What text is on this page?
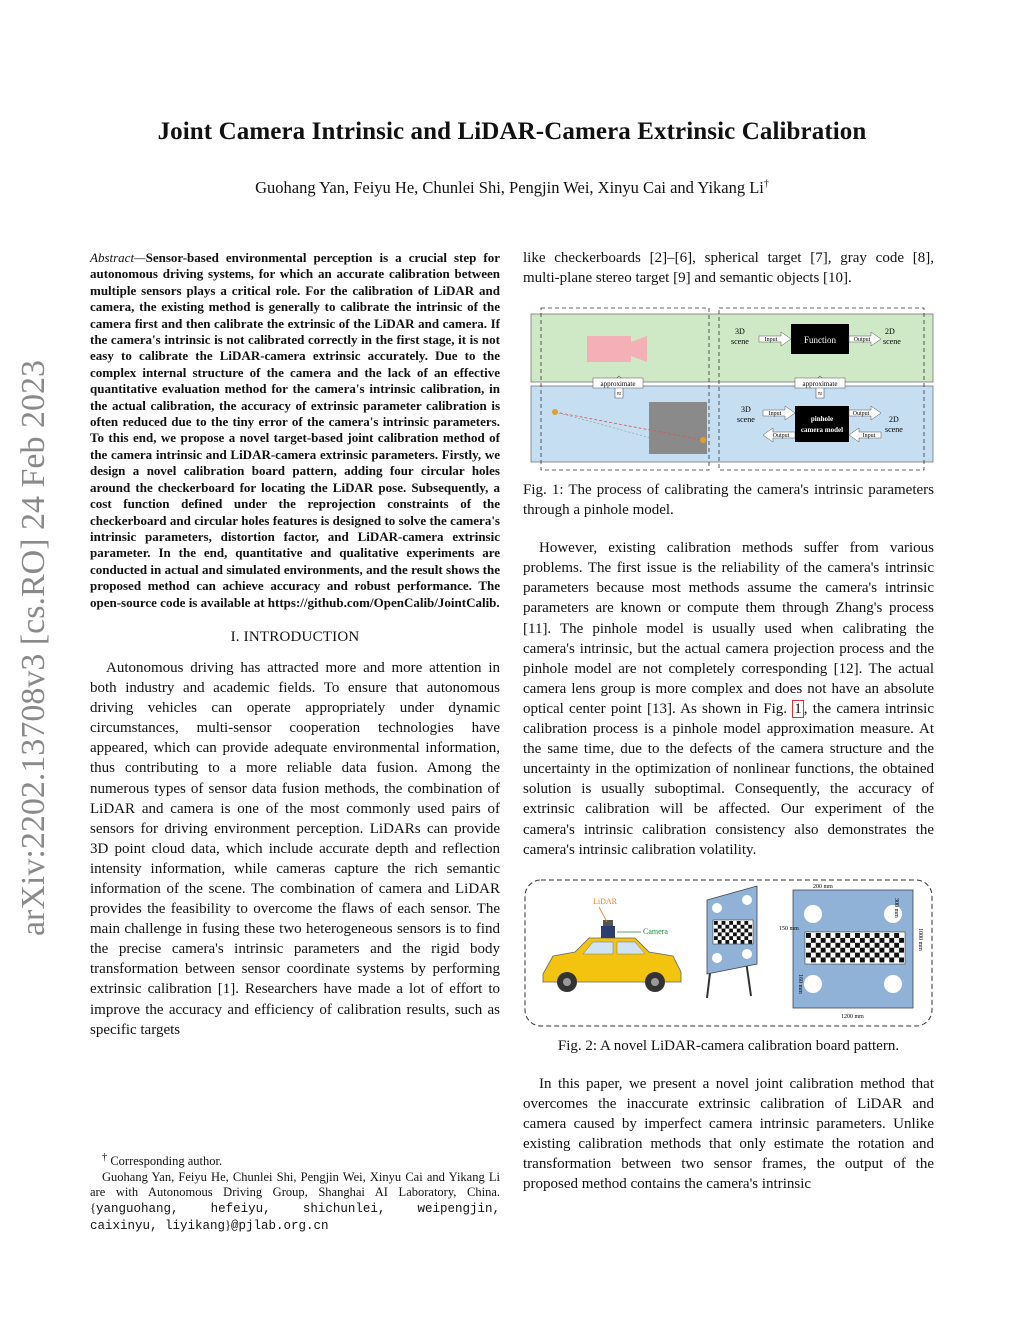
Joint Camera Intrinsic and LiDAR-Camera Extrinsic Calibration
Guohang Yan, Feiyu He, Chunlei Shi, Pengjin Wei, Xinyu Cai and Yikang Li†
arXiv:2202.13708v3 [cs.RO] 24 Feb 2023

Abstract—Sensor-based environmental perception is a crucial step for autonomous driving systems, for which an accurate calibration between multiple sensors plays a critical role. For the calibration of LiDAR and camera, the existing method is generally to calibrate the intrinsic of the camera first and then calibrate the extrinsic of the LiDAR and camera. If the camera's intrinsic is not calibrated correctly in the first stage, it is not easy to calibrate the LiDAR-camera extrinsic accurately. Due to the complex internal structure of the camera and the lack of an effective quantitative evaluation method for the camera's intrinsic calibration, in the actual calibration, the accuracy of extrinsic parameter calibration is often reduced due to the tiny error of the camera's intrinsic parameters. To this end, we propose a novel target-based joint calibration method of the camera intrinsic and LiDAR-camera extrinsic parameters. Firstly, we design a novel calibration board pattern, adding four circular holes around the checkerboard for locating the LiDAR pose. Subsequently, a cost function defined under the reprojection constraints of the checkerboard and circular holes features is designed to solve the camera's intrinsic parameters, distortion factor, and LiDAR-camera extrinsic parameter. In the end, quantitative and qualitative experiments are conducted in actual and simulated environments, and the result shows the proposed method can achieve accuracy and robust performance. The open-source code is available at https://github.com/OpenCalib/JointCalib.

I. INTRODUCTION

Autonomous driving has attracted more and more attention in both industry and academic fields. To ensure that autonomous driving vehicles can operate appropriately under dynamic circumstances, multi-sensor cooperation technologies have appeared, which can provide adequate environmental information, thus contributing to a more reliable data fusion. Among the numerous types of sensor data fusion methods, the combination of LiDAR and camera is one of the most commonly used pairs of sensors for driving environment perception. LiDARs can provide 3D point cloud data, which include accurate depth and reflection intensity information, while cameras capture the rich semantic information of the scene. The combination of camera and LiDAR provides the feasibility to overcome the flaws of each sensor. The main challenge in fusing these two heterogeneous sensors is to find the precise camera's intrinsic parameters and the rigid body transformation between sensor coordinate systems by performing extrinsic calibration [1]. Researchers have made a lot of effort to improve the accuracy and efficiency of calibration results, such as specific targets

† Corresponding author.
Guohang Yan, Feiyu He, Chunlei Shi, Pengjin Wei, Xinyu Cai and Yikang Li are with Autonomous Driving Group, Shanghai AI Laboratory, China. {yanguohang, hefeiyu, shichunlei, weipengjin, caixinyu, liyikang}@pjlab.org.cn

like checkerboards [2]–[6], spherical target [7], gray code [8], multi-plane stereo target [9] and semantic objects [10].

approximate
≈
3D
scene	Input	Function	Output
2D
scene
approximate
≈
3D
scene
Input
Output
pinhole
camera model
Output
Input
2D
scene

Fig. 1: The process of calibrating the camera's intrinsic parameters through a pinhole model.

However, existing calibration methods suffer from various problems. The first issue is the reliability of the camera's intrinsic parameters because most methods assume the camera's intrinsic parameters are known or compute them through Zhang's process [11]. The pinhole model is usually used when calibrating the camera's intrinsic, but the actual camera projection process and the pinhole model are not completely corresponding [12]. The actual camera lens group is more complex and does not have an absolute optical center point [13]. As shown in Fig. 1 , the camera intrinsic calibration process is a pinhole model approximation measure. At the same time, due to the defects of the camera structure and the uncertainty in the optimization of nonlinear functions, the obtained solution is usually suboptimal. Consequently, the accuracy of extrinsic calibration will be affected. Our experiment of the camera's intrinsic calibration consistency also demonstrates the camera's intrinsic calibration volatility.

LiDAR
Camera
200 mm
300 mm
150 mm	1000 mm
1200 mm
160 mm

Fig. 2: A novel LiDAR-camera calibration board pattern.

In this paper, we present a novel joint calibration method that overcomes the inaccurate extrinsic calibration of LiDAR and camera caused by imperfect camera intrinsic parameters. Unlike existing calibration methods that only estimate the rotation and transformation between two sensor frames, the output of the proposed method contains the camera's intrinsic
